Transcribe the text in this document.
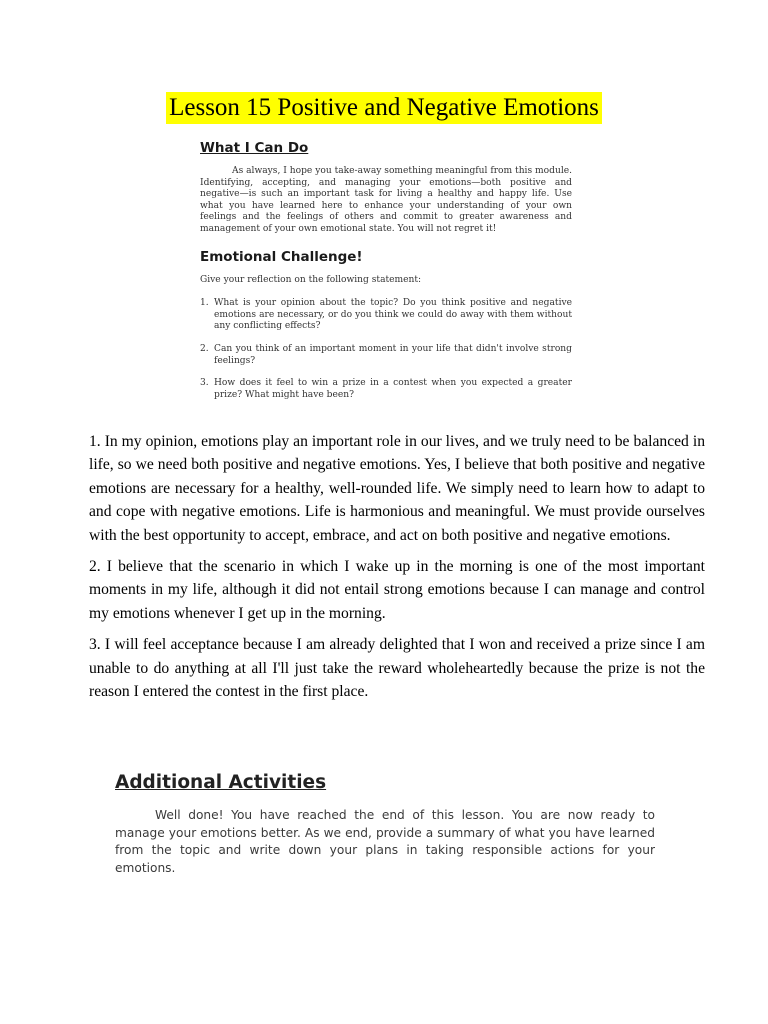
Lesson 15 Positive and Negative Emotions
What I Can Do

As always, I hope you take-away something meaningful from this module. Identifying, accepting, and managing your emotions—both positive and negative—is such an important task for living a healthy and happy life. Use what you have learned here to enhance your understanding of your own feelings and the feelings of others and commit to greater awareness and management of your own emotional state. You will not regret it!

Emotional Challenge!

Give your reflection on the following statement:

1. What is your opinion about the topic? Do you think positive and negative emotions are necessary, or do you think we could do away with them without any conflicting effects?
2. Can you think of an important moment in your life that didn't involve strong feelings?
3. How does it feel to win a prize in a contest when you expected a greater prize? What might have been?

1. In my opinion, emotions play an important role in our lives, and we truly need to be balanced in life, so we need both positive and negative emotions. Yes, I believe that both positive and negative emotions are necessary for a healthy, well-rounded life. We simply need to learn how to adapt to and cope with negative emotions. Life is harmonious and meaningful. We must provide ourselves with the best opportunity to accept, embrace, and act on both positive and negative emotions.

2. I believe that the scenario in which I wake up in the morning is one of the most important moments in my life, although it did not entail strong emotions because I can manage and control my emotions whenever I get up in the morning.

3. I will feel acceptance because I am already delighted that I won and received a prize since I am unable to do anything at all I'll just take the reward wholeheartedly because the prize is not the reason I entered the contest in the first place.

Additional Activities

Well done! You have reached the end of this lesson. You are now ready to manage your emotions better. As we end, provide a summary of what you have learned from the topic and write down your plans in taking responsible actions for your emotions.
